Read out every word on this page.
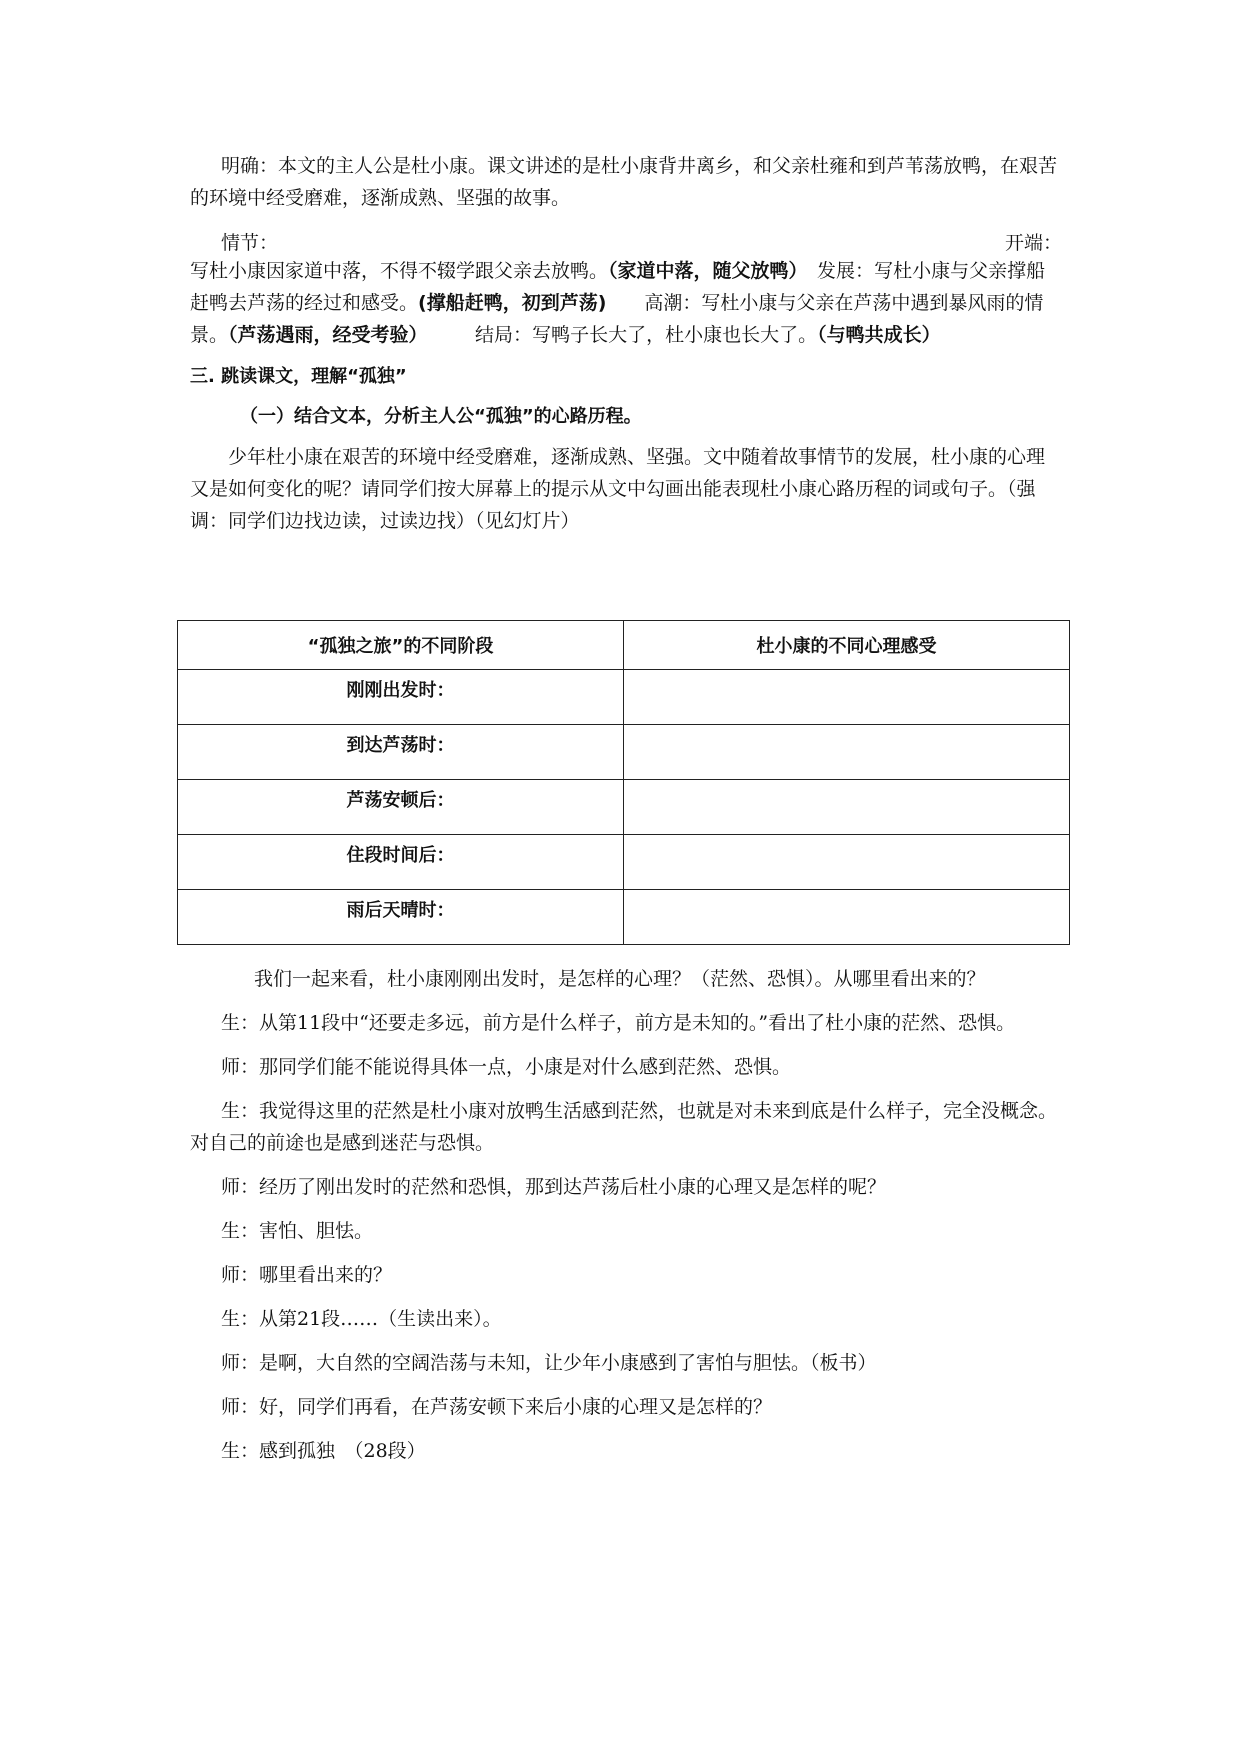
明确：本文的主人公是杜小康。课文讲述的是杜小康背井离乡，和父亲杜雍和到芦苇荡放鸭，在艰苦的环境中经受磨难，逐渐成熟、坚强的故事。

情节：	开端：

写杜小康因家道中落，不得不辍学跟父亲去放鸭。（家道中落，随父放鸭）　 发展：写杜小康与父亲撑船赶鸭去芦荡的经过和感受。(撑船赶鸭，初到芦荡)　　 高潮：写杜小康与父亲在芦荡中遇到暴风雨的情景。（芦荡遇雨，经受考验）　　　	结局：写鸭子长大了，杜小康也长大了。（与鸭共成长）

三. 跳读课文，理解“孤独”

（一）结合文本，分析主人公“孤独”的心路历程。

少年杜小康在艰苦的环境中经受磨难，逐渐成熟、坚强。文中随着故事情节的发展，杜小康的心理又是如何变化的呢？请同学们按大屏幕上的提示从文中勾画出能表现杜小康心路历程的词或句子。（强调：同学们边找边读，过读边找）（见幻灯片）

“孤独之旅”的不同阶段	杜小康的不同心理感受
刚刚出发时：	
到达芦荡时：	
芦荡安顿后：	
住段时间后：	
雨后天晴时：	

我们一起来看，杜小康刚刚出发时，是怎样的心理？（茫然、恐惧）。从哪里看出来的？

生：从第11段中“还要走多远，前方是什么样子，前方是未知的。”看出了杜小康的茫然、恐惧。

师：那同学们能不能说得具体一点，小康是对什么感到茫然、恐惧。

生：我觉得这里的茫然是杜小康对放鸭生活感到茫然，也就是对未来到底是什么样子，完全没概念。对自己的前途也是感到迷茫与恐惧。

师：经历了刚出发时的茫然和恐惧，那到达芦荡后杜小康的心理又是怎样的呢？

生：害怕、胆怯。

师：哪里看出来的？

生：从第21段……（生读出来）。

师：是啊，大自然的空阔浩荡与未知，让少年小康感到了害怕与胆怯。（板书）

师：好，同学们再看，在芦荡安顿下来后小康的心理又是怎样的？

生：感到孤独　（28段）
